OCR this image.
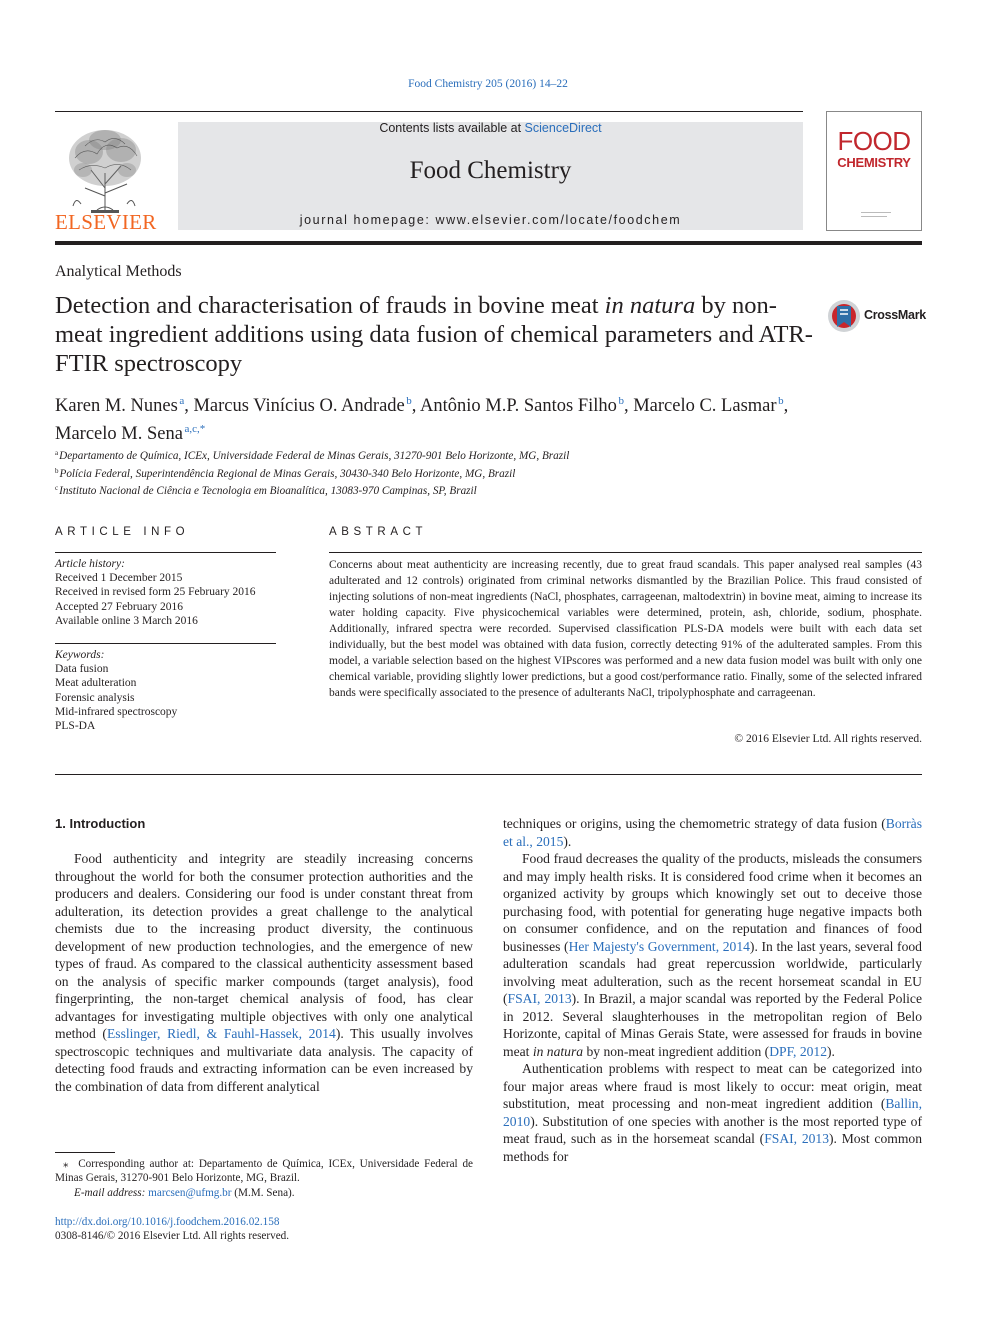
Food Chemistry 205 (2016) 14–22
ELSEVIER
Contents lists available at ScienceDirect
Food Chemistry
journal homepage: www.elsevier.com/locate/foodchem
FOOD
CHEMISTRY
Analytical Methods
Detection and characterisation of frauds in bovine meat in natura by non-meat ingredient additions using data fusion of chemical parameters and ATR-FTIR spectroscopy
CrossMark
Karen M. Nunes  $^a$, Marcus Vinícius O. Andrade  $^b$, Antônio M.P. Santos Filho  $^b$, Marcelo C. Lasmar  $^b$,
Marcelo M. Sena  $^{a,c,*}$
$^a$Departamento de Química, ICEx, Universidade Federal de Minas Gerais, 31270-901 Belo Horizonte, MG, Brazil
$^b$Polícia Federal, Superintendência Regional de Minas Gerais, 30430-340 Belo Horizonte, MG, Brazil
$^c$Instituto Nacional de Ciência e Tecnologia em Bioanalítica, 13083-970 Campinas, SP, Brazil
ARTICLE INFO
Article history:
Received 1 December 2015
Received in revised form 25 February 2016
Accepted 27 February 2016
Available online 3 March 2016
Keywords:
Data fusion
Meat adulteration
Forensic analysis
Mid-infrared spectroscopy
PLS-DA
ABSTRACT
Concerns about meat authenticity are increasing recently, due to great fraud scandals. This paper analysed real samples (43 adulterated and 12 controls) originated from criminal networks dismantled by the Brazilian Police. This fraud consisted of injecting solutions of non-meat ingredients (NaCl, phosphates, carrageenan, maltodextrin) in bovine meat, aiming to increase its water holding capacity. Five physicochemical variables were determined, protein, ash, chloride, sodium, phosphate. Additionally, infrared spectra were recorded. Supervised classification PLS-DA models were built with each data set individually, but the best model was obtained with data fusion, correctly detecting 91% of the adulterated samples. From this model, a variable selection based on the highest VIPscores was performed and a new data fusion model was built with only one chemical variable, providing slightly lower predictions, but a good cost/performance ratio. Finally, some of the selected infrared bands were specifically associated to the presence of adulterants NaCl, tripolyphosphate and carrageenan.
© 2016 Elsevier Ltd. All rights reserved.
1. Introduction

Food authenticity and integrity are steadily increasing concerns throughout the world for both the consumer protection authorities and the producers and dealers. Considering our food is under constant threat from adulteration, its detection provides a great challenge to the analytical chemists due to the increasing product diversity, the continuous development of new production technologies, and the emergence of new types of fraud. As compared to the classical authenticity assessment based on the analysis of specific marker compounds (target analysis), food fingerprinting, the non-target chemical analysis of food, has clear advantages for investigating multiple objectives with only one analytical method (Esslinger, Riedl, & Fauhl-Hassek, 2014). This usually involves spectroscopic techniques and multivariate data analysis. The capacity of detecting food frauds and extracting information can be even increased by the combination of data from different analytical

techniques or origins, using the chemometric strategy of data fusion (Borràs et al., 2015).

Food fraud decreases the quality of the products, misleads the consumers and may imply health risks. It is considered food crime when it becomes an organized activity by groups which knowingly set out to deceive those purchasing food, with potential for generating huge negative impacts both on consumer confidence, and on the reputation and finances of food businesses (Her Majesty's Government, 2014). In the last years, several food adulteration scandals had great repercussion worldwide, particularly involving meat adulteration, such as the recent horsemeat scandal in EU (FSAI, 2013). In Brazil, a major scandal was reported by the Federal Police in 2012. Several slaughterhouses in the metropolitan region of Belo Horizonte, capital of Minas Gerais State, were assessed for frauds in bovine meat in natura by non-meat ingredient addition (DPF, 2012).

Authentication problems with respect to meat can be categorized into four major areas where fraud is most likely to occur: meat origin, meat substitution, meat processing and non-meat ingredient addition (Ballin, 2010). Substitution of one species with another is the most reported type of meat fraud, such as in the horsemeat scandal (FSAI, 2013). Most common methods for

⁎  Corresponding author at: Departamento de Química, ICEx, Universidade Federal de Minas Gerais, 31270-901 Belo Horizonte, MG, Brazil.
E-mail address: marcsen@ufmg.br (M.M. Sena).
http://dx.doi.org/10.1016/j.foodchem.2016.02.158
0308-8146/© 2016 Elsevier Ltd. All rights reserved.
